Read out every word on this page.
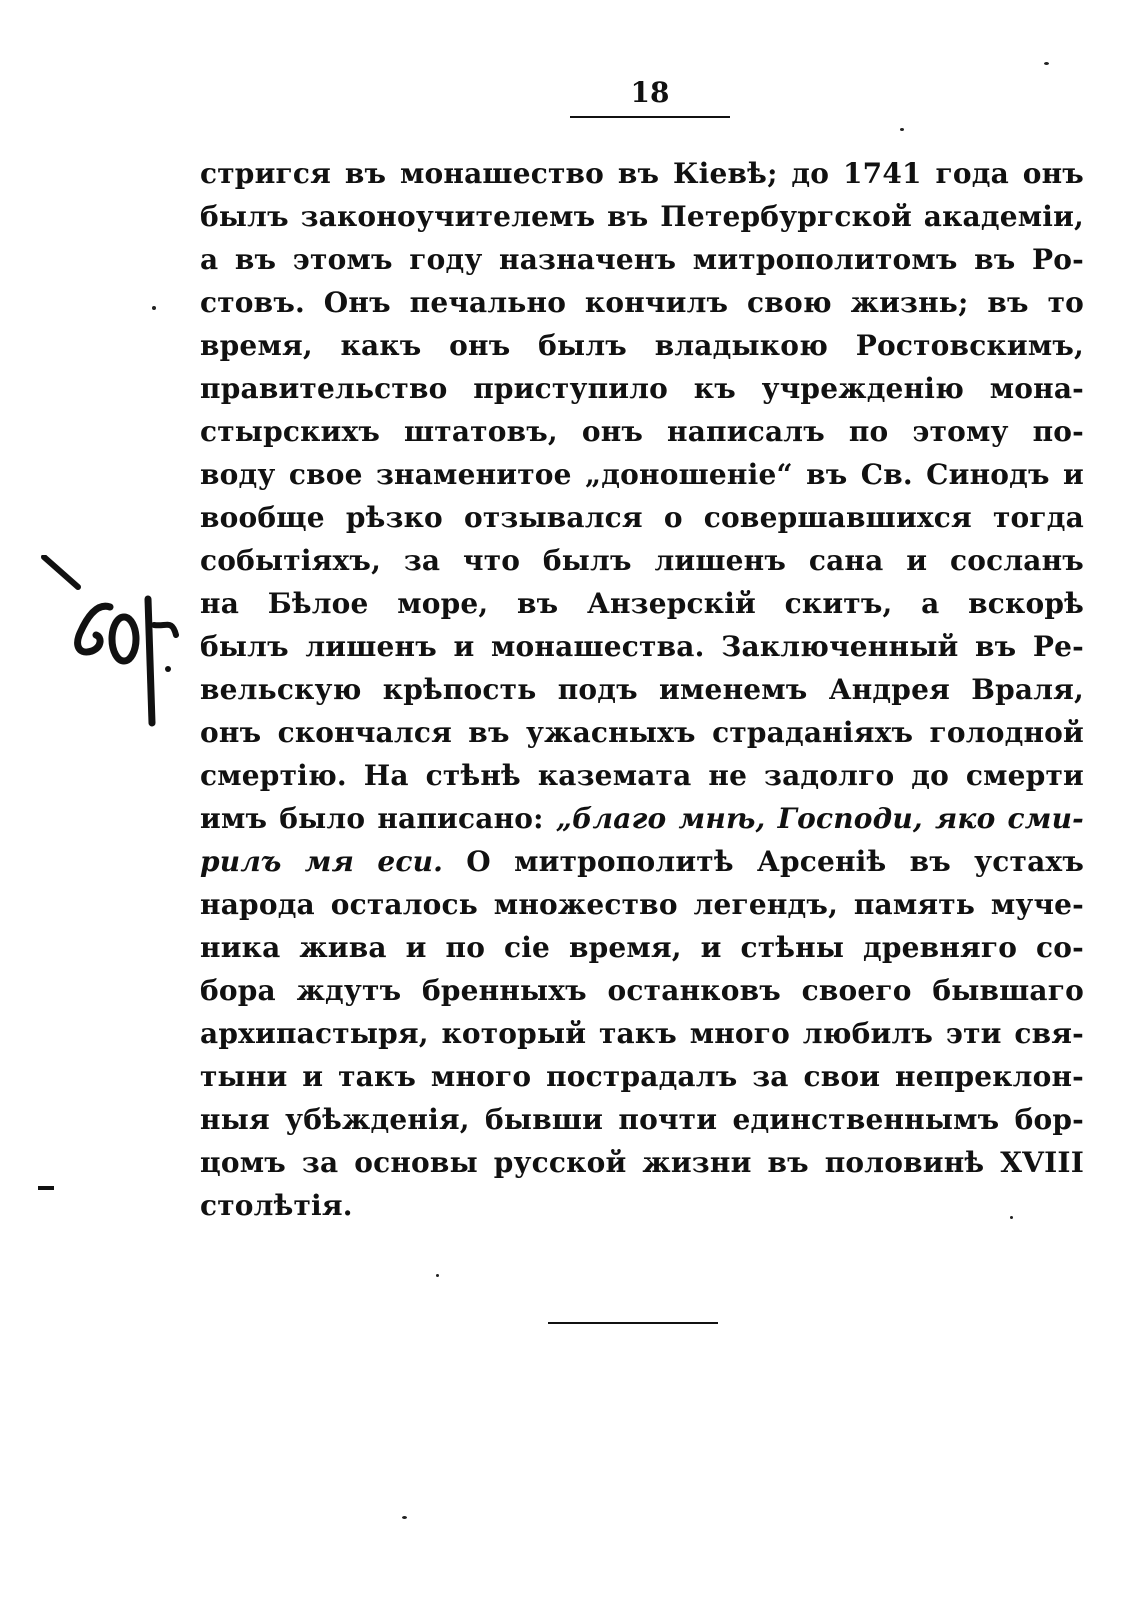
18
стригся въ монашество въ Кіевѣ; до 1741 года онъ
былъ законоучителемъ въ Петербургской академіи,
а въ этомъ году назначенъ митрополитомъ въ Ро-
стовъ. Онъ печально кончилъ свою жизнь; въ то
время, какъ онъ былъ владыкою Ростовскимъ,
правительство приступило къ учрежденію мона-
стырскихъ штатовъ, онъ написалъ по этому по-
воду свое знаменитое „доношеніе“ въ Св. Синодъ и
вообще рѣзко отзывался о совершавшихся тогда
событіяхъ, за что былъ лишенъ сана и сосланъ
на Бѣлое море, въ Анзерскій скитъ, а вскорѣ
былъ лишенъ и монашества. Заключенный въ Ре-
вельскую крѣпость подъ именемъ Андрея Враля,
онъ скончался въ ужасныхъ страданіяхъ голодной
смертію. На стѣнѣ каземата не задолго до смерти
имъ было написано: „благо мнѣ, Господи, яко сми-
рилъ мя еси. О митрополитѣ Арсеніѣ въ устахъ
народа осталось множество легендъ, память муче-
ника жива и по сіе время, и стѣны древняго со-
бора ждутъ бренныхъ останковъ своего бывшаго
архипастыря, который такъ много любилъ эти свя-
тыни и такъ много пострадалъ за свои непреклон-
ныя убѣжденія, бывши почти единственнымъ бор-
цомъ за основы русской жизни въ половинѣ XVIII
столѣтія.
